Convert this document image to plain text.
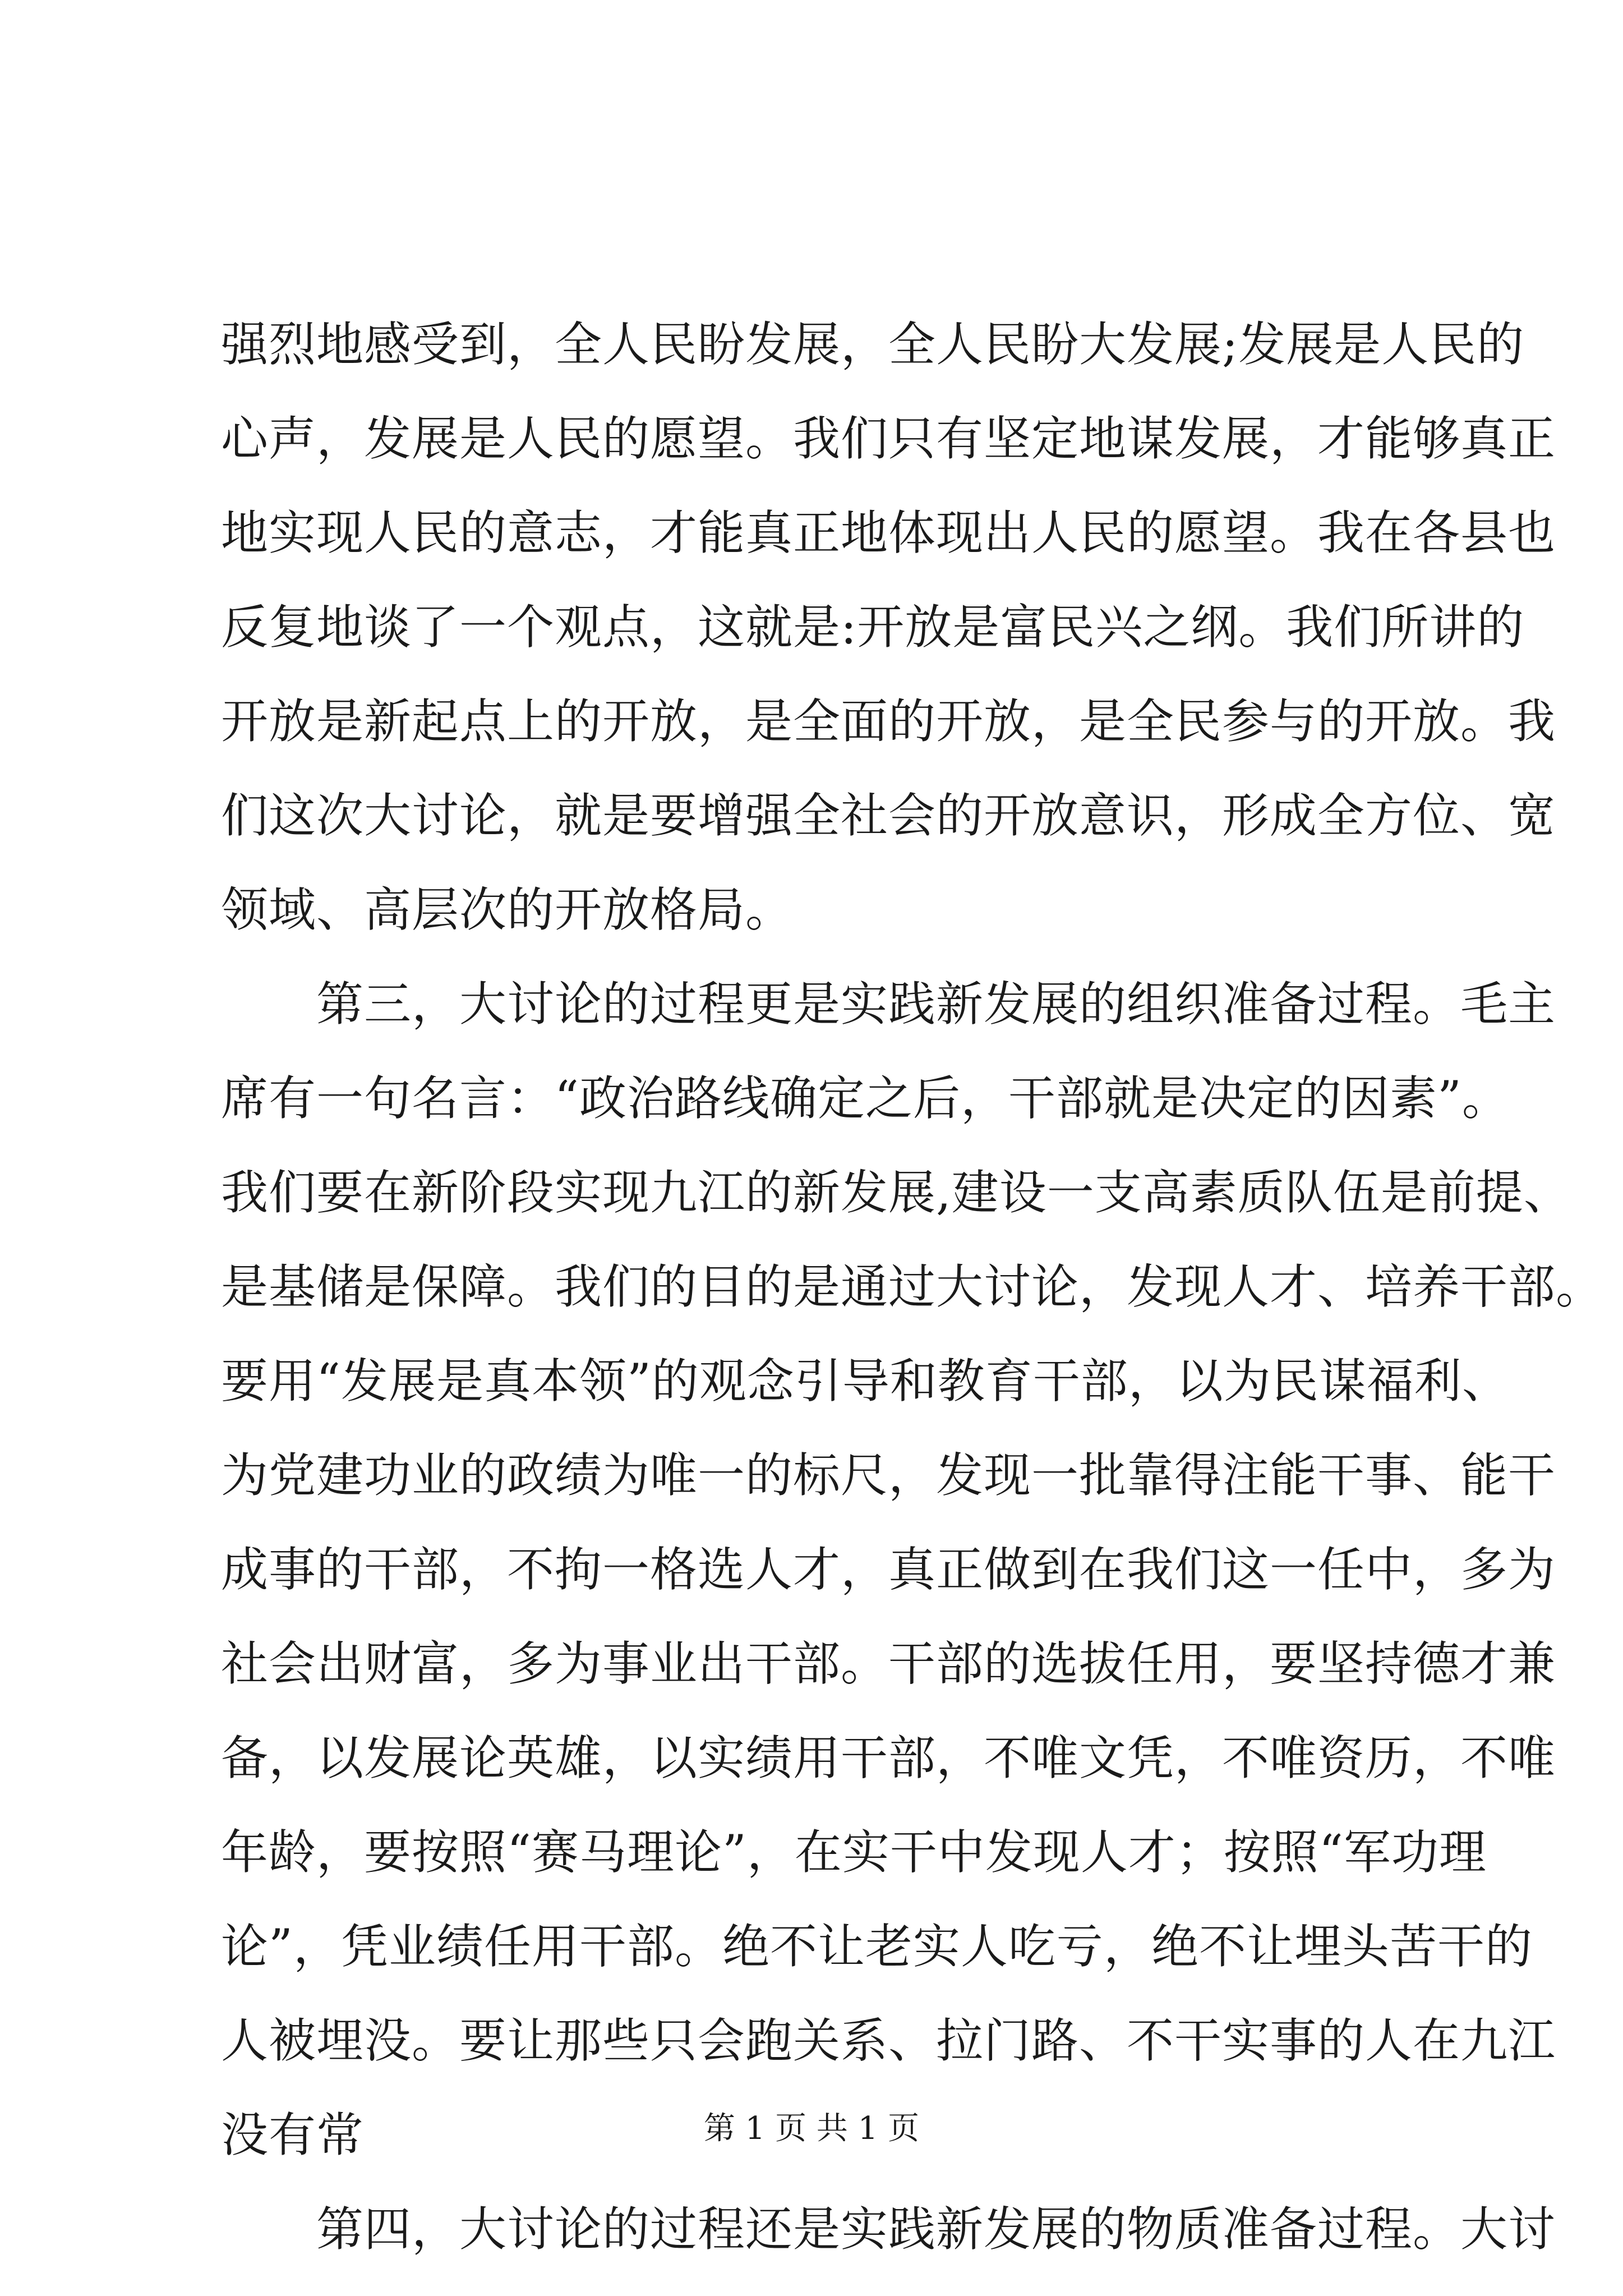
强烈地感受到，全人民盼发展，全人民盼大发展;发展是人民的
心声，发展是人民的愿望。我们只有坚定地谋发展，才能够真正
地实现人民的意志，才能真正地体现出人民的愿望。我在各县也
反复地谈了一个观点，这就是:开放是富民兴之纲。我们所讲的
开放是新起点上的开放，是全面的开放，是全民参与的开放。我
们这次大讨论，就是要增强全社会的开放意识，形成全方位、宽
领域、高层次的开放格局。
第三，大讨论的过程更是实践新发展的组织准备过程。毛主
席有一句名言：“政治路线确定之后，干部就是决定的因素”。
我们要在新阶段实现九江的新发展,建设一支高素质队伍是前提、
是基储是保障。我们的目的是通过大讨论，发现人才、培养干部。
要用“发展是真本领”的观念引导和教育干部，以为民谋福利、
为党建功业的政绩为唯一的标尺，发现一批靠得注能干事、能干
成事的干部，不拘一格选人才，真正做到在我们这一任中，多为
社会出财富，多为事业出干部。干部的选拔任用，要坚持德才兼
备，以发展论英雄，以实绩用干部，不唯文凭，不唯资历，不唯
年龄，要按照“赛马理论”，在实干中发现人才；按照“军功理
论”，凭业绩任用干部。绝不让老实人吃亏，绝不让埋头苦干的
人被埋没。要让那些只会跑关系、拉门路、不干实事的人在九江
没有常
第四，大讨论的过程还是实践新发展的物质准备过程。大讨
第 1 页 共 1 页
